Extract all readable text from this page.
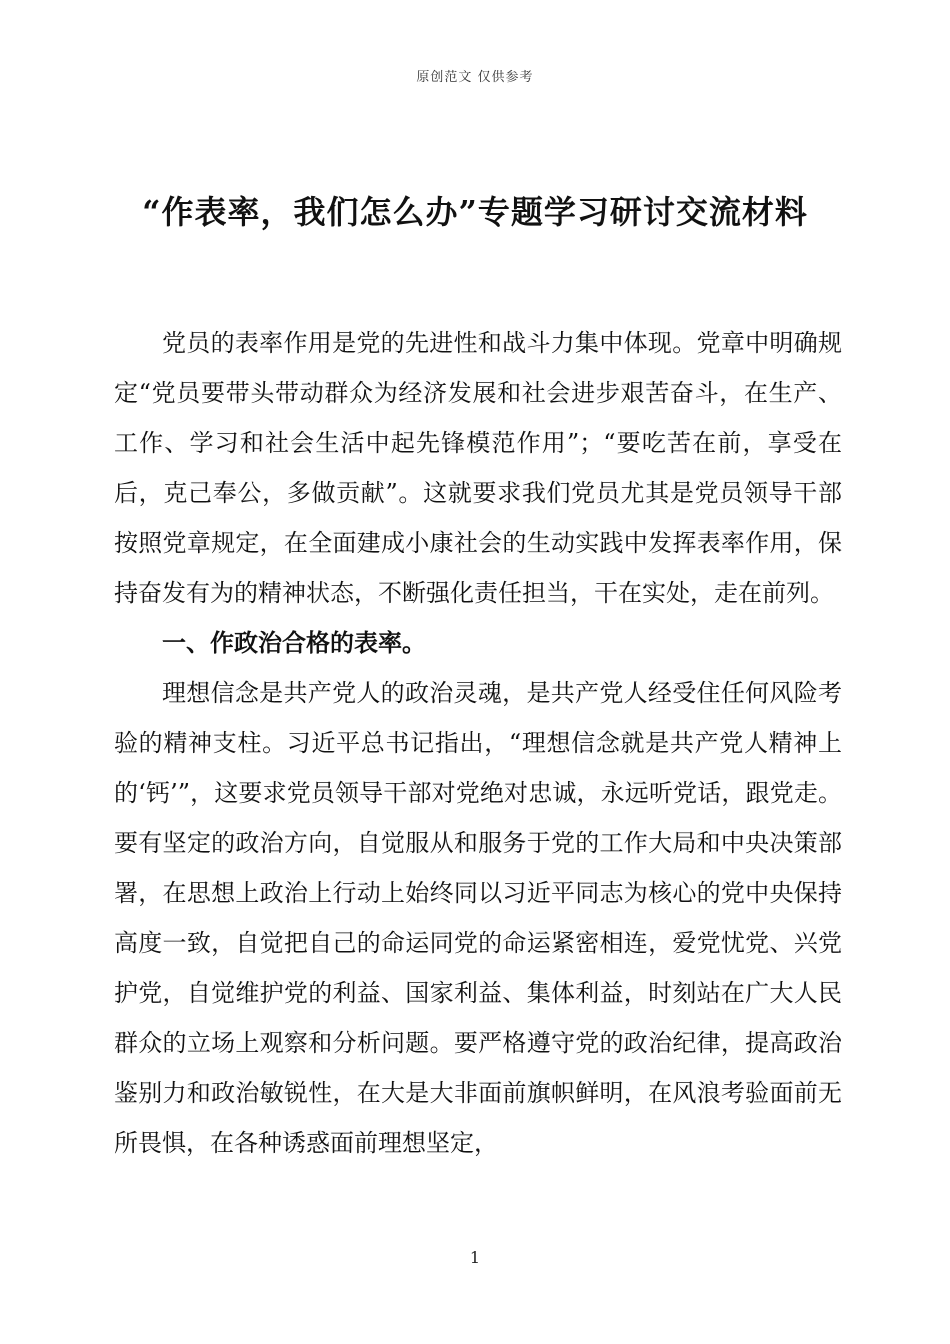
原创范文 仅供参考
“作表率，我们怎么办”专题学习研讨交流材料

党员的表率作用是党的先进性和战斗力集中体现。党章中明确规定“党员要带头带动群众为经济发展和社会进步艰苦奋斗，在生产、工作、学习和社会生活中起先锋模范作用”；“要吃苦在前，享受在后，克己奉公，多做贡献”。这就要求我们党员尤其是党员领导干部按照党章规定，在全面建成小康社会的生动实践中发挥表率作用，保持奋发有为的精神状态，不断强化责任担当，干在实处，走在前列。

一、作政治合格的表率。

理想信念是共产党人的政治灵魂，是共产党人经受住任何风险考验的精神支柱。习近平总书记指出，“理想信念就是共产党人精神上的‘钙’”，这要求党员领导干部对党绝对忠诚，永远听党话，跟党走。要有坚定的政治方向，自觉服从和服务于党的工作大局和中央决策部署，在思想上政治上行动上始终同以习近平同志为核心的党中央保持高度一致，自觉把自己的命运同党的命运紧密相连，爱党忧党、兴党护党，自觉维护党的利益、国家利益、集体利益，时刻站在广大人民群众的立场上观察和分析问题。要严格遵守党的政治纪律，提高政治鉴别力和政治敏锐性，在大是大非面前旗帜鲜明，在风浪考验面前无所畏惧，在各种诱惑面前理想坚定，

1
